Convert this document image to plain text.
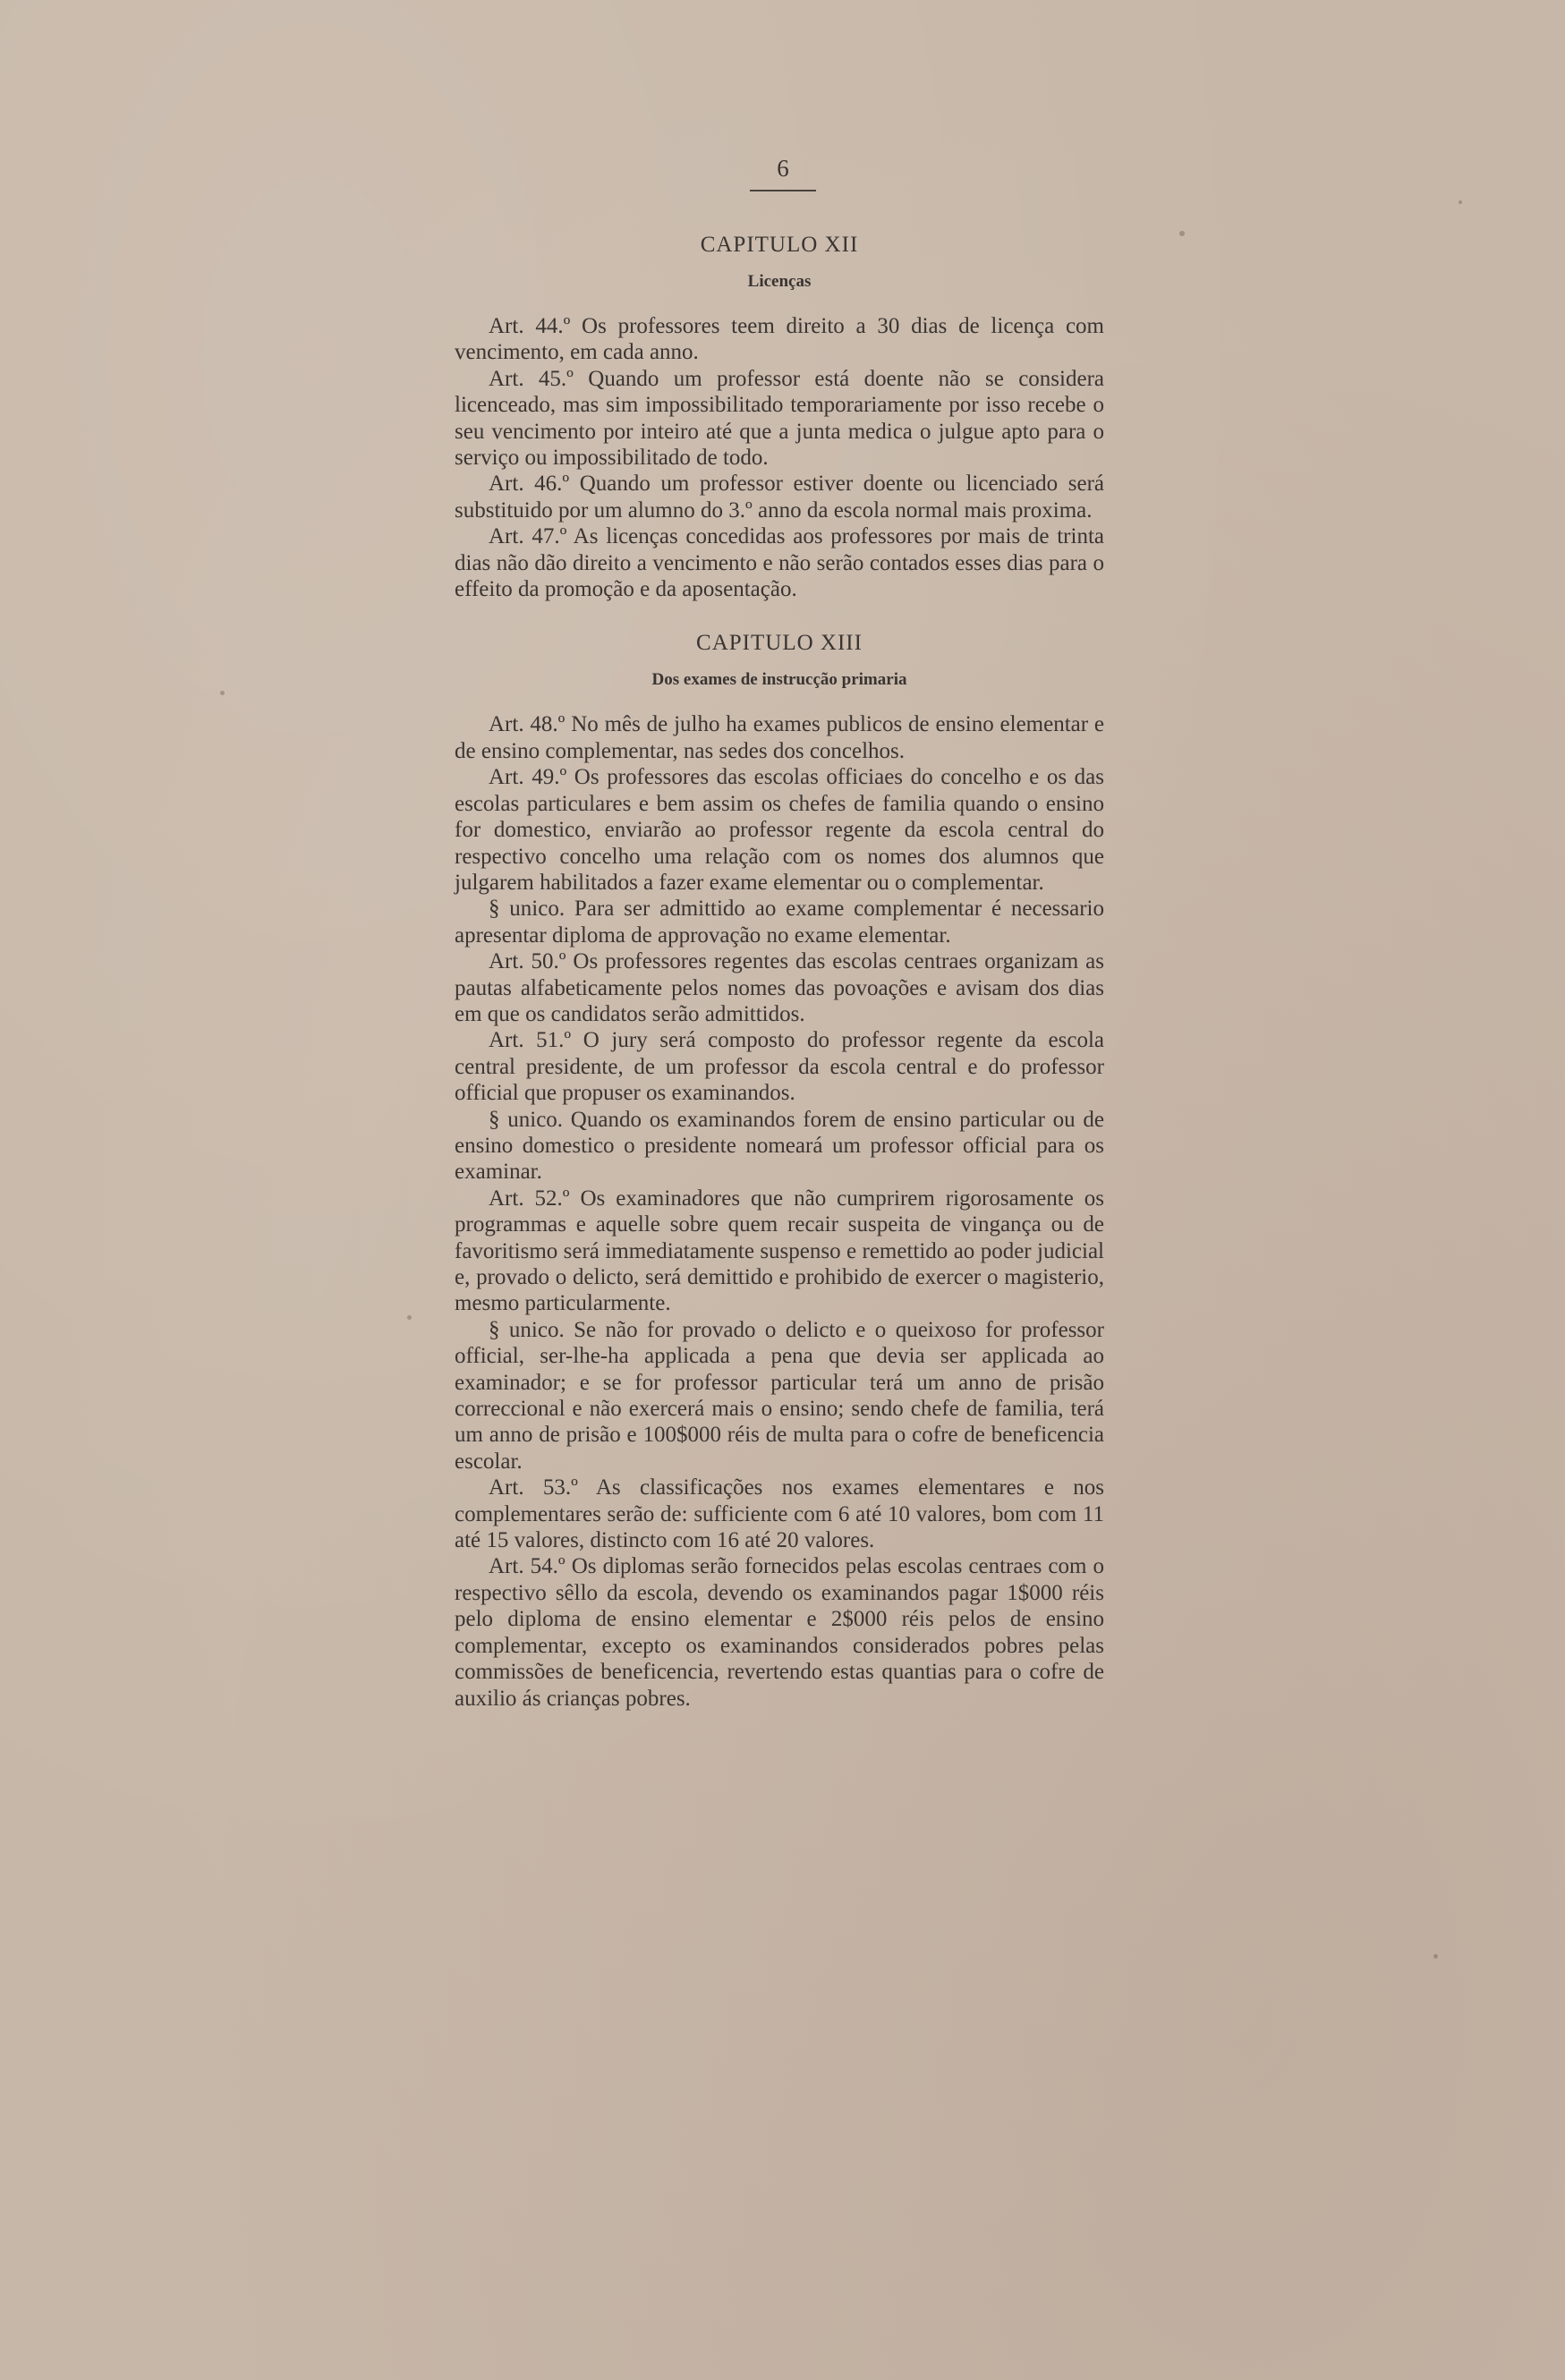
6
CAPITULO XII
Licenças

Art. 44.º Os professores teem direito a 30 dias de licença com vencimento, em cada anno.

Art. 45.º Quando um professor está doente não se considera licenceado, mas sim impossibilitado temporariamente por isso recebe o seu vencimento por inteiro até que a junta medica o julgue apto para o serviço ou impossibilitado de todo.

Art. 46.º Quando um professor estiver doente ou licenciado será substituido por um alumno do 3.º anno da escola normal mais proxima.

Art. 47.º As licenças concedidas aos professores por mais de trinta dias não dão direito a vencimento e não serão contados esses dias para o effeito da promoção e da aposentação.

CAPITULO XIII
Dos exames de instrucção primaria

Art. 48.º No mês de julho ha exames publicos de ensino elementar e de ensino complementar, nas sedes dos concelhos.

Art. 49.º Os professores das escolas officiaes do concelho e os das escolas particulares e bem assim os chefes de familia quando o ensino for domestico, enviarão ao professor regente da escola central do respectivo concelho uma relação com os nomes dos alumnos que julgarem habilitados a fazer exame elementar ou o complementar.

§ unico. Para ser admittido ao exame complementar é necessario apresentar diploma de approvação no exame elementar.

Art. 50.º Os professores regentes das escolas centraes organizam as pautas alfabeticamente pelos nomes das povoações e avisam dos dias em que os candidatos serão admittidos.

Art. 51.º O jury será composto do professor regente da escola central presidente, de um professor da escola central e do professor official que propuser os examinandos.

§ unico. Quando os examinandos forem de ensino particular ou de ensino domestico o presidente nomeará um professor official para os examinar.

Art. 52.º Os examinadores que não cumprirem rigorosamente os programmas e aquelle sobre quem recair suspeita de vingança ou de favoritismo será immediatamente suspenso e remettido ao poder judicial e, provado o delicto, será demittido e prohibido de exercer o magisterio, mesmo particularmente.

§ unico. Se não for provado o delicto e o queixoso for professor official, ser-lhe-ha applicada a pena que devia ser applicada ao examinador; e se for professor particular terá um anno de prisão correccional e não exercerá mais o ensino; sendo chefe de familia, terá um anno de prisão e 100$000 réis de multa para o cofre de beneficencia escolar.

Art. 53.º As classificações nos exames elementares e nos complementares serão de: sufficiente com 6 até 10 valores, bom com 11 até 15 valores, distincto com 16 até 20 valores.

Art. 54.º Os diplomas serão fornecidos pelas escolas centraes com o respectivo sêllo da escola, devendo os examinandos pagar 1$000 réis pelo diploma de ensino elementar e 2$000 réis pelos de ensino complementar, excepto os examinandos considerados pobres pelas commissões de beneficencia, revertendo estas quantias para o cofre de auxilio ás crianças pobres.
